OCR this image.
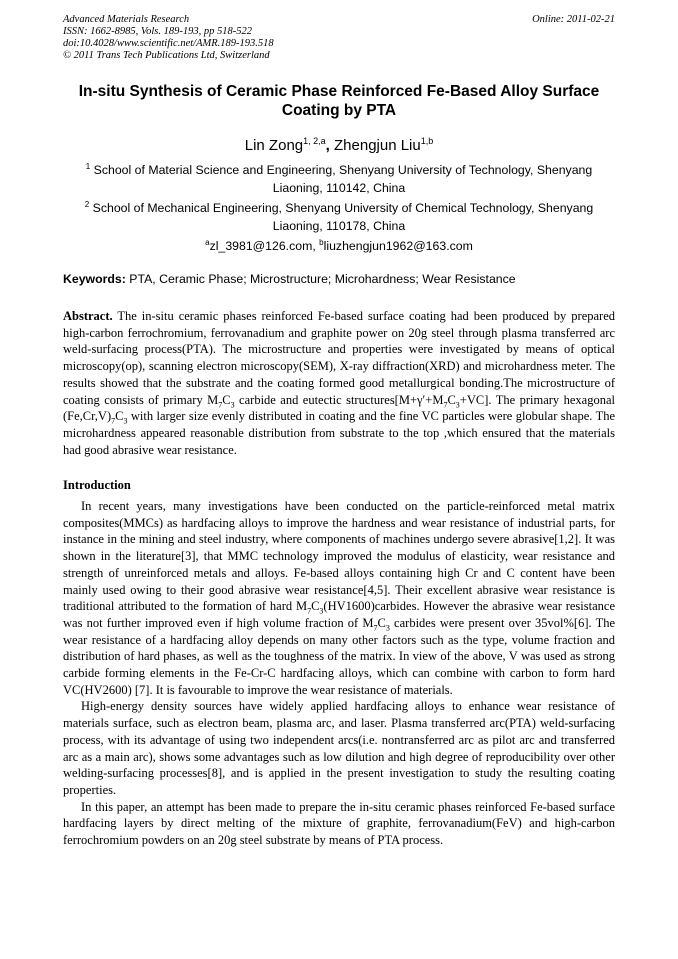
Advanced Materials Research
ISSN: 1662-8985, Vols. 189-193, pp 518-522
doi:10.4028/www.scientific.net/AMR.189-193.518
© 2011 Trans Tech Publications Ltd, Switzerland
Online: 2011-02-21
In-situ Synthesis of Ceramic Phase Reinforced Fe-Based Alloy Surface Coating by PTA
Lin Zong$^{1, 2,a}$, Zhengjun Liu$^{1,b}$
$^1$ School of Material Science and Engineering, Shenyang University of Technology, Shenyang Liaoning, 110142, China
$^2$ School of Mechanical Engineering, Shenyang University of Chemical Technology, Shenyang Liaoning, 110178, China
$^a$zl_3981@126.com, $^b$liuzhengjun1962@163.com
Keywords: PTA, Ceramic Phase; Microstructure; Microhardness; Wear Resistance
Abstract. The in-situ ceramic phases reinforced Fe-based surface coating had been produced by prepared high-carbon ferrochromium, ferrovanadium and graphite power on 20g steel through plasma transferred arc weld-surfacing process(PTA). The microstructure and properties were investigated by means of optical microscopy(op), scanning electron microscopy(SEM), X-ray diffraction(XRD) and microhardness meter. The results showed that the substrate and the coating formed good metallurgical bonding.The microstructure of coating consists of primary $M_7C_3$ carbide and eutectic $structures[M+\gamma'+M_7C_3+VC]$. The primary hexagonal $(Fe,Cr,V)_7C_3$ with larger size evenly distributed in coating and the fine VC particles were globular shape. The microhardness appeared reasonable distribution from substrate to the top ,which ensured that the materials had good abrasive wear resistance.
Introduction

In recent years, many investigations have been conducted on the particle-reinforced metal matrix composites(MMCs) as hardfacing alloys to improve the hardness and wear resistance of industrial parts, for instance in the mining and steel industry, where components of machines undergo severe abrasive[1,2]. It was shown in the literature[3], that MMC technology improved the modulus of elasticity, wear resistance and strength of unreinforced metals and alloys. Fe-based alloys containing high Cr and C content have been mainly used owing to their good abrasive wear resistance[4,5]. Their excellent abrasive wear resistance is traditional attributed to the formation of hard $M_7C_3(HV1600)carbides$. However the abrasive wear resistance was not further improved even if high volume fraction of $M_7C_3$ carbides were present over 35vol%[6]. The wear resistance of a hardfacing alloy depends on many other factors such as the type, volume fraction and distribution of hard phases, as well as the toughness of the matrix. In view of the above, V was used as strong carbide forming elements in the Fe-Cr-C hardfacing alloys, which can combine with carbon to form hard VC(HV2600) [7]. It is favourable to improve the wear resistance of materials.

High-energy density sources have widely applied hardfacing alloys to enhance wear resistance of materials surface, such as electron beam, plasma arc, and laser. Plasma transferred arc(PTA) weld-surfacing process, with its advantage of using two independent arcs(i.e. nontransferred arc as pilot arc and transferred arc as a main arc), shows some advantages such as low dilution and high degree of reproducibility over other welding-surfacing processes[8], and is applied in the present investigation to study the resulting coating properties.

In this paper, an attempt has been made to prepare the in-situ ceramic phases reinforced Fe-based surface hardfacing layers by direct melting of the mixture of graphite, ferrovanadium(FeV) and high-carbon ferrochromium powders on an 20g steel substrate by means of PTA process.
